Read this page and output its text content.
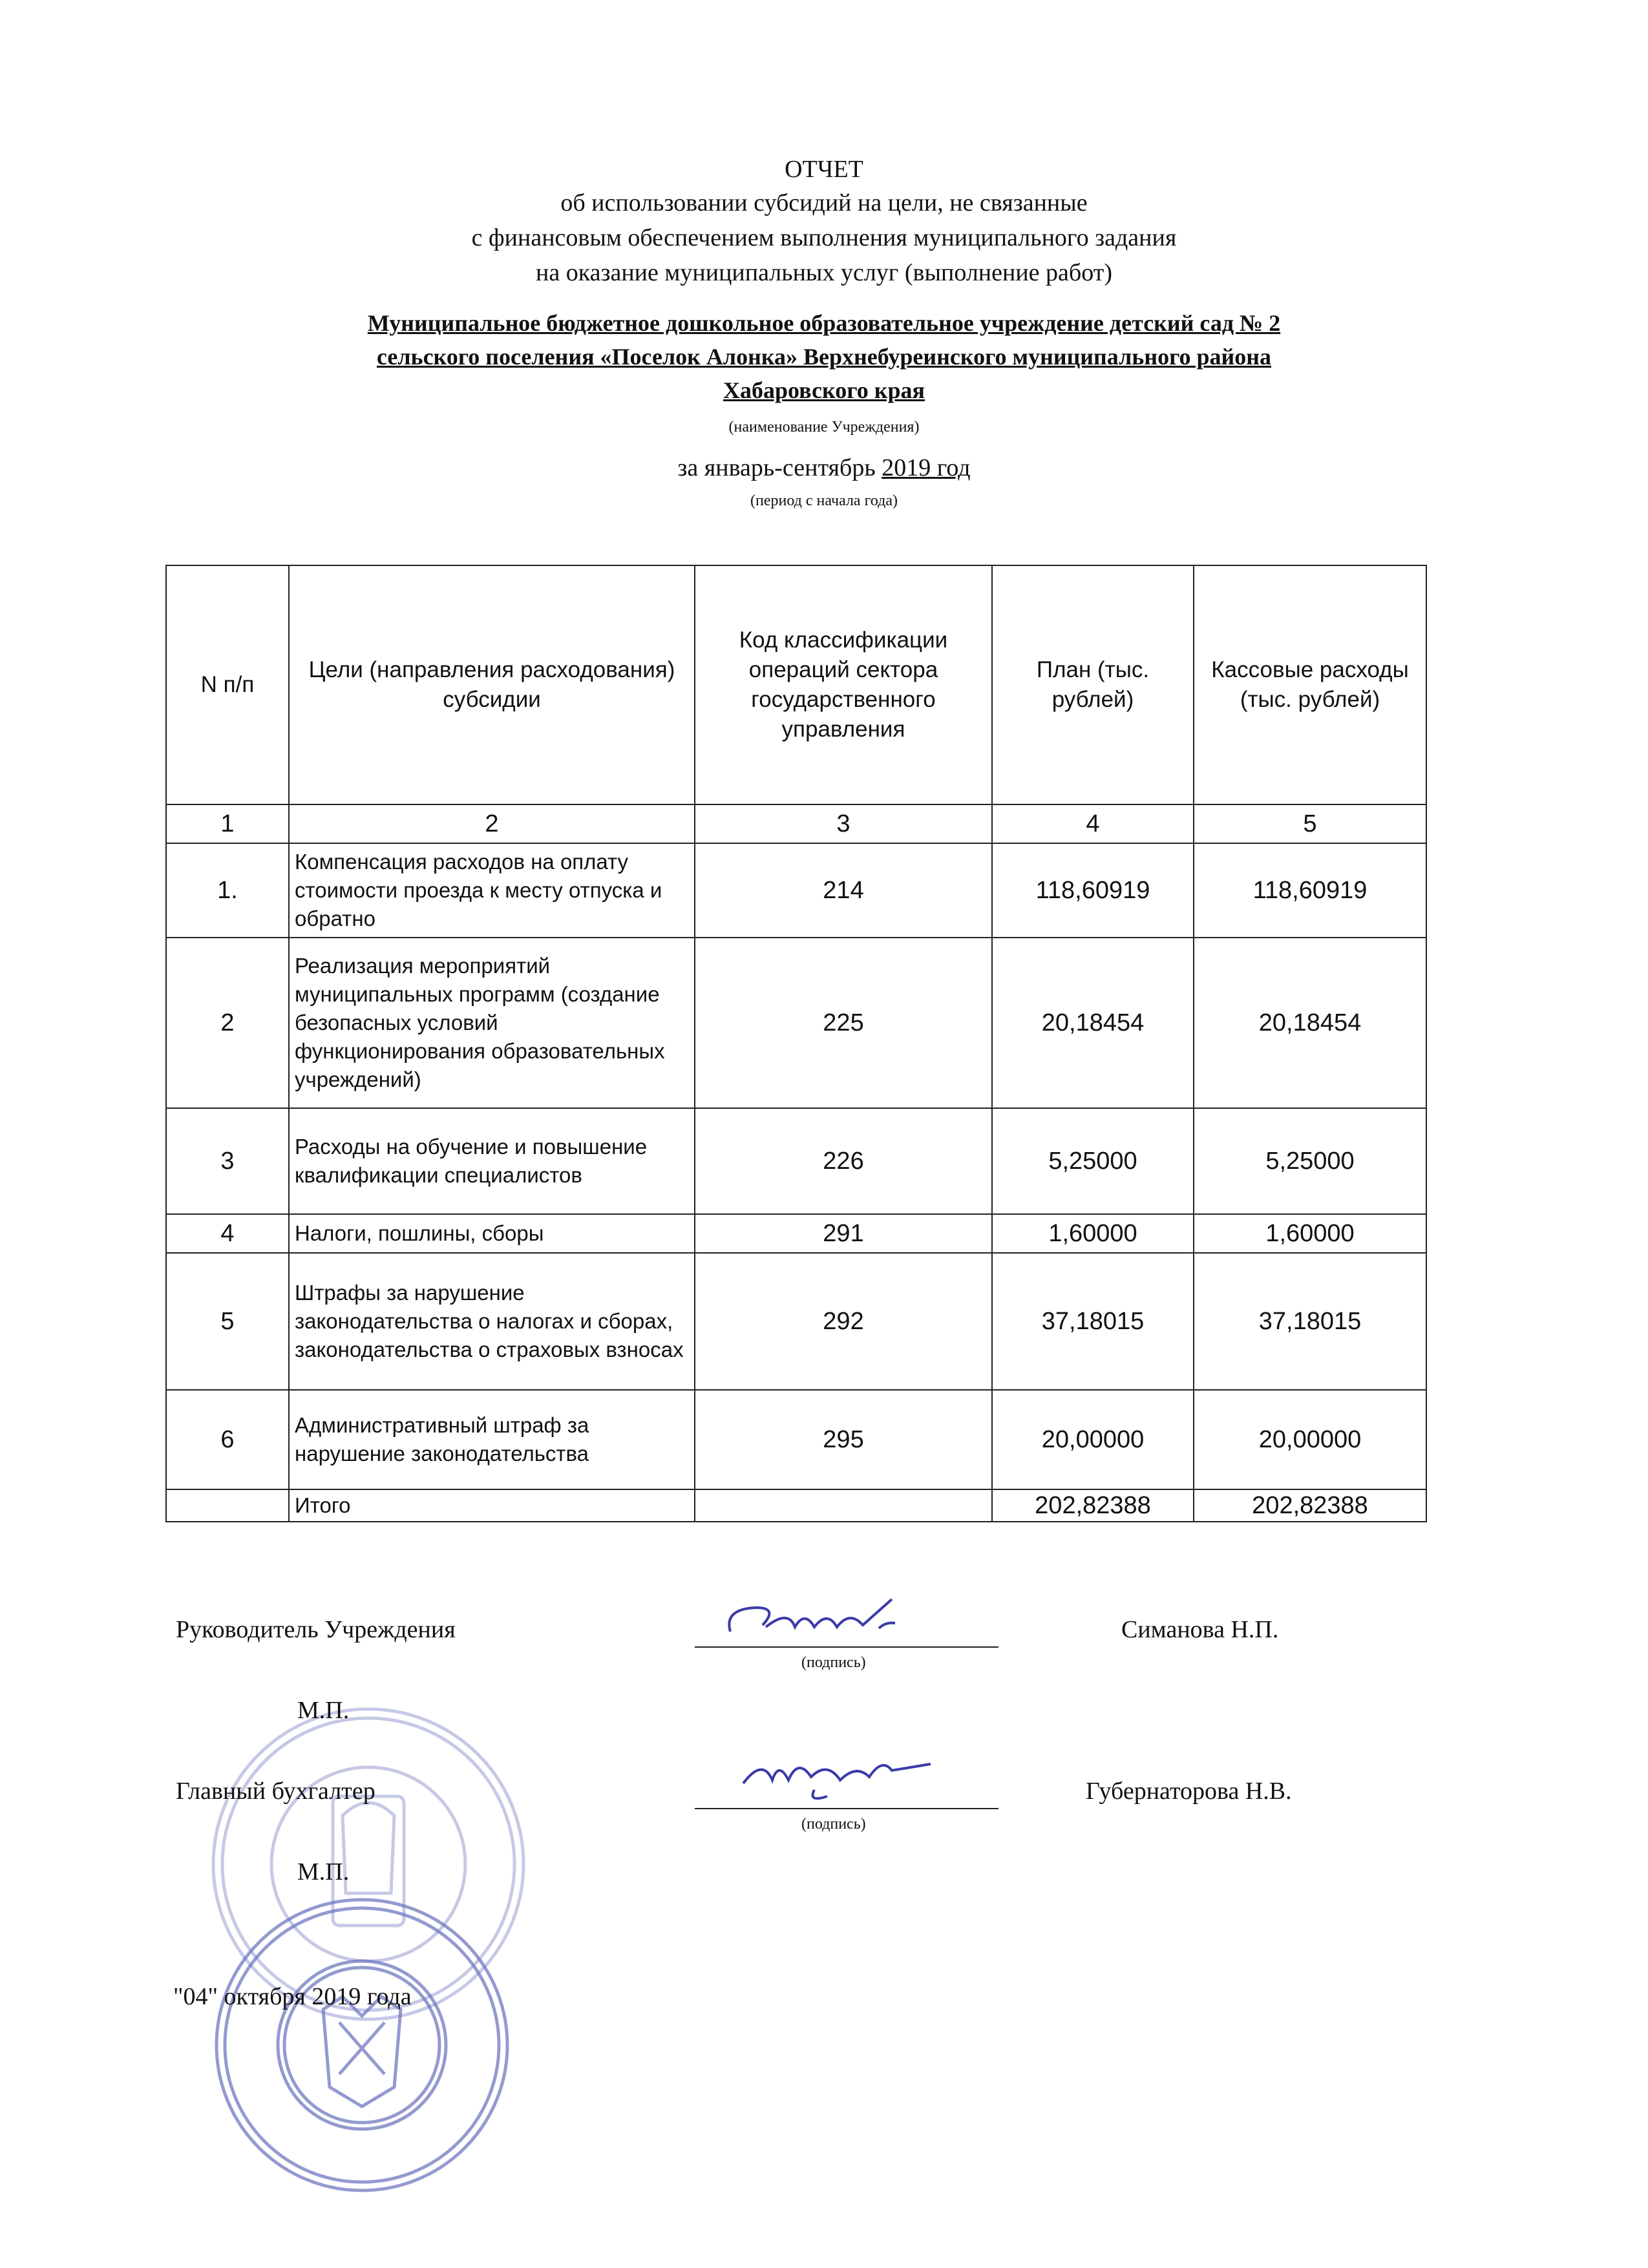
ОТЧЕТ
об использовании субсидий на цели, не связанные
с финансовым обеспечением выполнения муниципального задания
на оказание муниципальных услуг (выполнение работ)
Муниципальное бюджетное дошкольное образовательное учреждение детский сад № 2
сельского поселения «Поселок Алонка» Верхнебуреинского муниципального района
Хабаровского края
(наименование Учреждения)
за январь-сентябрь 2019 год
(период с начала года)
N п/п	Цели (направления расходования) субсидии	Код классификации операций сектора государственного управления	План (тыс. рублей)	Кассовые расходы (тыс. рублей)
1	2	3	4	5
1.	Компенсация расходов на оплату стоимости проезда к месту отпуска и обратно	214	118,60919	118,60919
2	Реализация мероприятий муниципальных программ (создание безопасных условий функционирования образовательных учреждений)	225	20,18454	20,18454
3	Расходы на обучение и повышение квалификации специалистов	226	5,25000	5,25000
4	Налоги, пошлины, сборы	291	1,60000	1,60000
5	Штрафы за нарушение законодательства о налогах и сборах, законодательства о страховых взносах	292	37,18015	37,18015
6	Административный штраф за нарушение законодательства	295	20,00000	20,00000
	Итого		202,82388	202,82388
Руководитель Учреждения
(подпись)
Симанова Н.П.
М.П.
Главный бухгалтер
(подпись)
Губернаторова Н.В.
М.П.
"04" октября 2019 года
